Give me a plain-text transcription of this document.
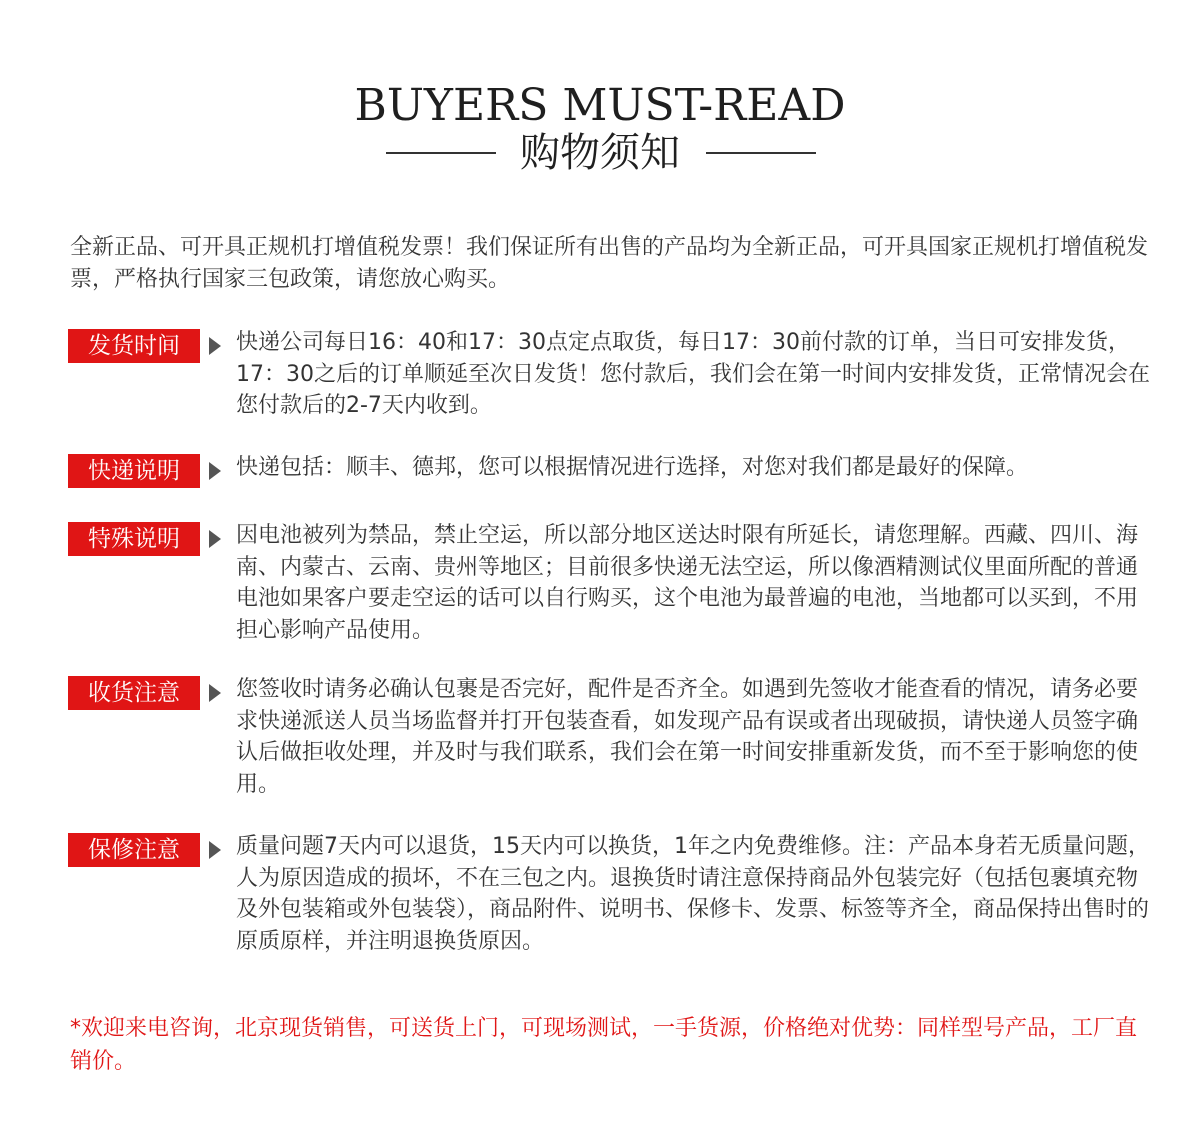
BUYERS MUST-READ
购物须知
全新正品、可开具正规机打增值税发票！我们保证所有出售的产品均为全新正品，可开具国家正规机打增值税发票，严格执行国家三包政策，请您放心购买。
发货时间	快递公司每日16：40和17：30点定点取货，每日17：30前付款的订单，当日可安排发货，17：30之后的订单顺延至次日发货！您付款后，我们会在第一时间内安排发货，正常情况会在您付款后的2-7天内收到。
快递说明	快递包括：顺丰、德邦，您可以根据情况进行选择，对您对我们都是最好的保障。
特殊说明	因电池被列为禁品，禁止空运，所以部分地区送达时限有所延长，请您理解。西藏、四川、海南、内蒙古、云南、贵州等地区；目前很多快递无法空运，所以像酒精测试仪里面所配的普通电池如果客户要走空运的话可以自行购买，这个电池为最普遍的电池，当地都可以买到，不用担心影响产品使用。
收货注意	您签收时请务必确认包裹是否完好，配件是否齐全。如遇到先签收才能查看的情况，请务必要求快递派送人员当场监督并打开包装查看，如发现产品有误或者出现破损，请快递人员签字确认后做拒收处理，并及时与我们联系，我们会在第一时间安排重新发货，而不至于影响您的使用。
保修注意	质量问题7天内可以退货，15天内可以换货，1年之内免费维修。注：产品本身若无质量问题，人为原因造成的损坏，不在三包之内。退换货时请注意保持商品外包装完好（包括包裹填充物及外包装箱或外包装袋），商品附件、说明书、保修卡、发票、标签等齐全，商品保持出售时的原质原样，并注明退换货原因。
*欢迎来电咨询，北京现货销售，可送货上门，可现场测试，一手货源，价格绝对优势：同样型号产品，工厂直销价。
